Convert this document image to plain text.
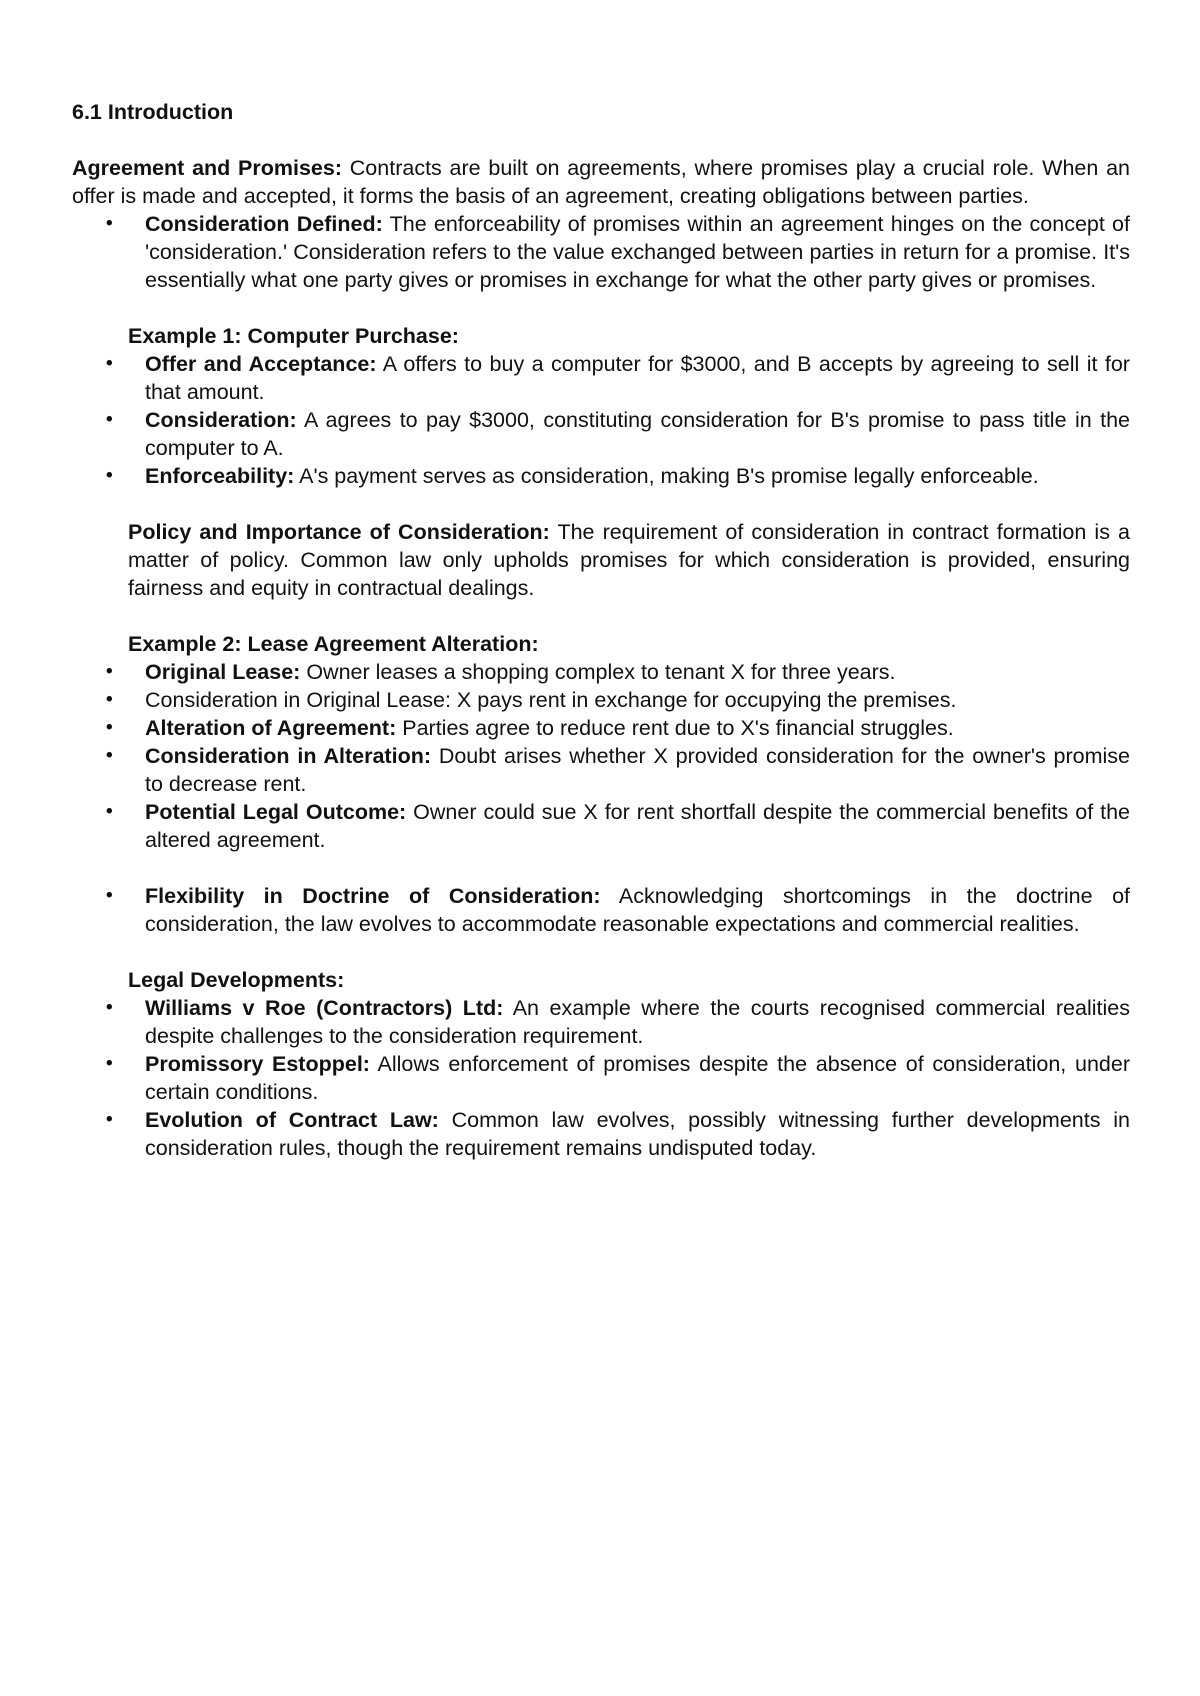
6.1 Introduction

Agreement and Promises: Contracts are built on agreements, where promises play a crucial role. When an offer is made and accepted, it forms the basis of an agreement, creating obligations between parties.

• Consideration Defined: The enforceability of promises within an agreement hinges on the concept of 'consideration.' Consideration refers to the value exchanged between parties in return for a promise. It's essentially what one party gives or promises in exchange for what the other party gives or promises.
Example 1: Computer Purchase:
• Offer and Acceptance: A offers to buy a computer for $3000, and B accepts by agreeing to sell it for that amount.
• Consideration: A agrees to pay $3000, constituting consideration for B's promise to pass title in the computer to A.
• Enforceability: A's payment serves as consideration, making B's promise legally enforceable.

Policy and Importance of Consideration: The requirement of consideration in contract formation is a matter of policy. Common law only upholds promises for which consideration is provided, ensuring fairness and equity in contractual dealings.

Example 2: Lease Agreement Alteration:
• Original Lease: Owner leases a shopping complex to tenant X for three years.
• Consideration in Original Lease: X pays rent in exchange for occupying the premises.
• Alteration of Agreement: Parties agree to reduce rent due to X's financial struggles.
• Consideration in Alteration: Doubt arises whether X provided consideration for the owner's promise to decrease rent.
• Potential Legal Outcome: Owner could sue X for rent shortfall despite the commercial benefits of the altered agreement.
• Flexibility in Doctrine of Consideration: Acknowledging shortcomings in the doctrine of consideration, the law evolves to accommodate reasonable expectations and commercial realities.
Legal Developments:
• Williams v Roe (Contractors) Ltd: An example where the courts recognised commercial realities despite challenges to the consideration requirement.
• Promissory Estoppel: Allows enforcement of promises despite the absence of consideration, under certain conditions.
• Evolution of Contract Law: Common law evolves, possibly witnessing further developments in consideration rules, though the requirement remains undisputed today.
